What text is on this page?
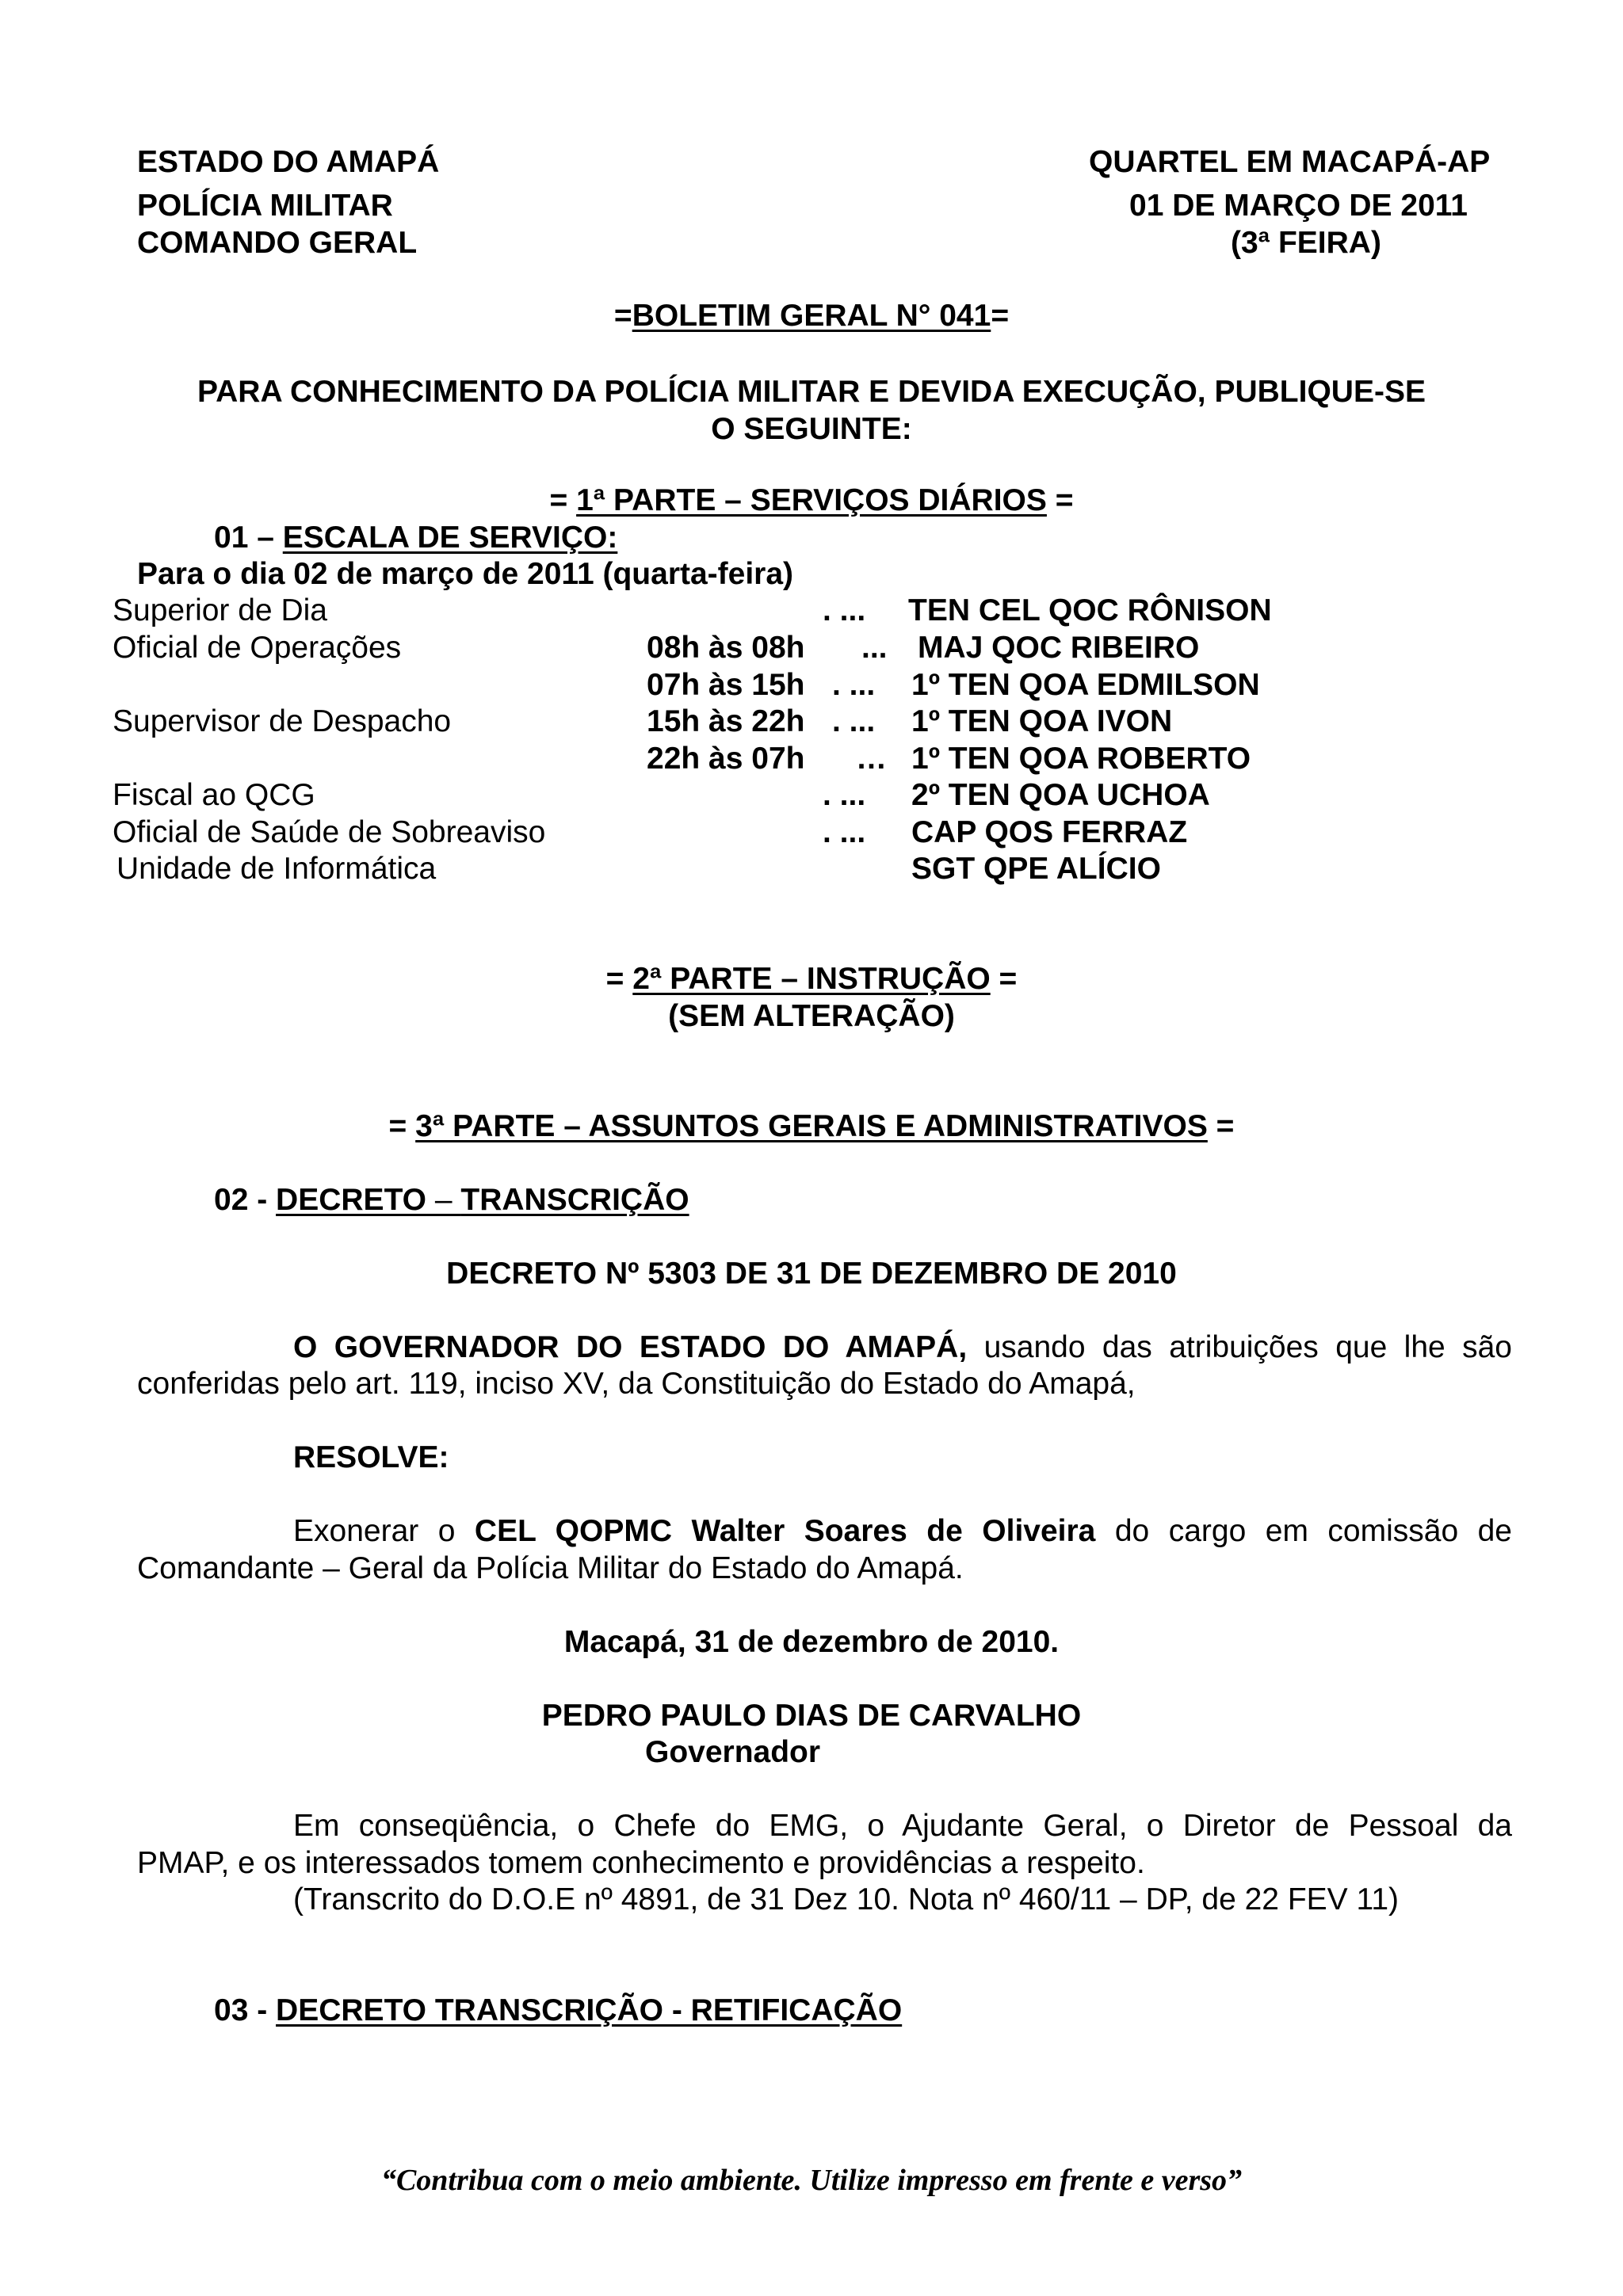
ESTADO DO AMAPÁ
POLÍCIA MILITAR
COMANDO GERAL
QUARTEL EM MACAPÁ-AP
01 DE MARÇO DE 2011
(3ª FEIRA)
=BOLETIM GERAL N° 041=
PARA CONHECIMENTO DA POLÍCIA MILITAR E DEVIDA EXECUÇÃO, PUBLIQUE-SE
O SEGUINTE:
= 1ª PARTE – SERVIÇOS DIÁRIOS =
01 – ESCALA DE SERVIÇO:
Para o dia 02 de março de 2011 (quarta-feira)
Superior de Dia	. ... TEN CEL QOC RÔNISON
Oficial de Operações	08h às 08h ... MAJ QOC RIBEIRO
07h às 15h . ... 1º TEN QOA EDMILSON
Supervisor de Despacho	15h às 22h . ... 1º TEN QOA IVON
22h às 07h … 1º TEN QOA ROBERTO
Fiscal ao QCG	. ... 2º TEN QOA UCHOA
Oficial de Saúde de Sobreaviso	. ... CAP QOS FERRAZ
Unidade de Informática	SGT QPE ALÍCIO
= 2ª PARTE – INSTRUÇÃO =
(SEM ALTERAÇÃO)
= 3ª PARTE – ASSUNTOS GERAIS E ADMINISTRATIVOS =
02 - DECRETO – TRANSCRIÇÃO
DECRETO Nº 5303 DE 31 DE DEZEMBRO DE 2010
O GOVERNADOR DO ESTADO DO AMAPÁ, usando das atribuições que lhe são
conferidas pelo art. 119, inciso XV, da Constituição do Estado do Amapá,
RESOLVE:
Exonerar o CEL QOPMC Walter Soares de Oliveira do cargo em comissão de
Comandante – Geral da Polícia Militar do Estado do Amapá.
Macapá, 31 de dezembro de 2010.
PEDRO PAULO DIAS DE CARVALHO
Governador
Em conseqüência, o Chefe do EMG, o Ajudante Geral, o Diretor de Pessoal da
PMAP, e os interessados tomem conhecimento e providências a respeito.
(Transcrito do D.O.E nº 4891, de 31 Dez 10. Nota nº 460/11 – DP, de 22 FEV 11)
03 - DECRETO TRANSCRIÇÃO - RETIFICAÇÃO
“Contribua com o meio ambiente. Utilize impresso em frente e verso”
